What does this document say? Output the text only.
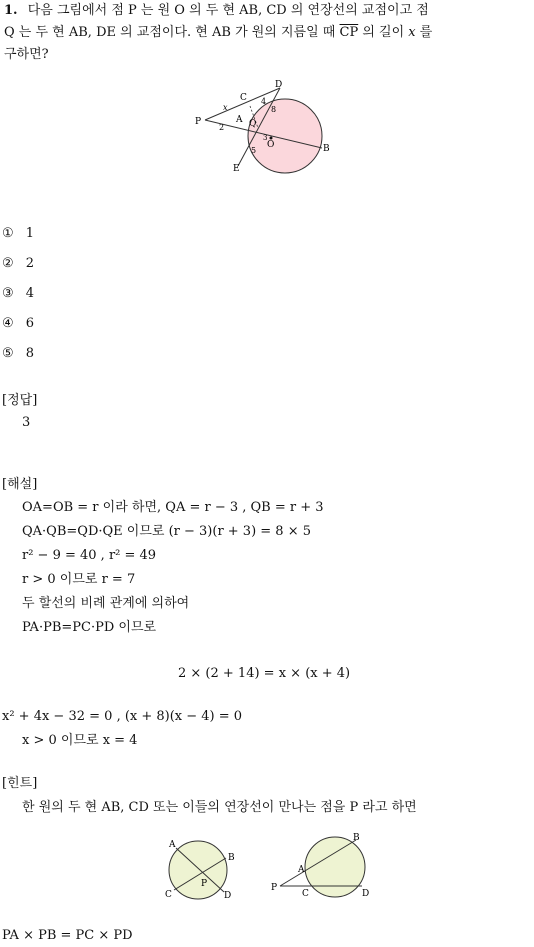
1. 다음 그림에서 점 P 는 원 O 의 두 현 AB, CD 의 연장선의 교점이고 점
Q 는 두 현 AB, DE 의 교점이다. 현 AB 가 원의 지름일 때 $\overline{CP}$ 의 길이 x 를
구하면?
P
C
D
A Q
O	B
E
x
2
4
8
3
5
① 1
② 2
③ 4
④ 6
⑤ 8
[정답]
3
[해설]
OA=OB = r 이라 하면, QA = r − 3 , QB = r + 3
QA·QB=QD·QE 이므로 (r − 3)(r + 3) = 8 × 5
r² − 9 = 40 , r² = 49
r > 0 이므로 r = 7
두 할선의 비례 관계에 의하여
PA·PB=PC·PD 이므로
2 × (2 + 14) = x × (x + 4)
x² + 4x − 32 = 0 , (x + 8)(x − 4) = 0
x > 0 이므로 x = 4
[힌트]
한 원의 두 현 AB, CD 또는 이들의 연장선이 만나는 점을 P 라고 하면
A
B
C	D
P
A
B
C	D
P
PA × PB = PC × PD
